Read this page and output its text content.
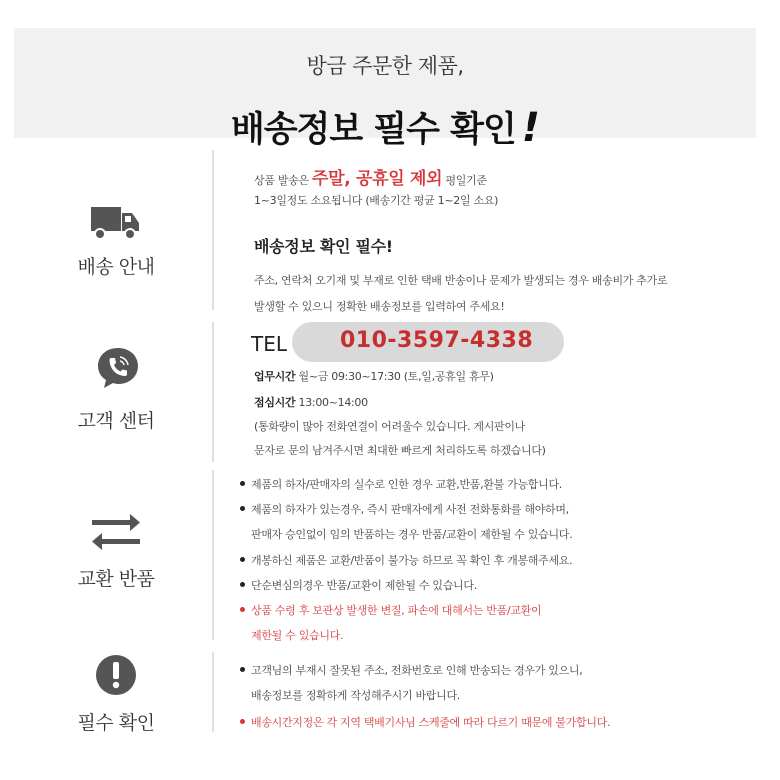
방금 주문한 제품,
배송정보 필수 확인 !
배송 안내
상품 발송은 주말, 공휴일 제외 평일기준
1~3일정도 소요됩니다 (배송기간 평균 1~2일 소요)
배송정보 확인 필수!
주소, 연락처 오기재 및 부재로 인한 택배 반송이나 문제가 발생되는 경우 배송비가 추가로
발생할 수 있으니 정확한 배송정보를 입력하여 주세요!
고객 센터
TEL 010-3597-4338
업무시간 월~금 09:30~17:30 (토,일,공휴일 휴무)
점심시간 13:00~14:00
(통화량이 많아 전화연결이 어려울수 있습니다. 게시판이나
문자로 문의 남겨주시면 최대한 빠르게 처리하도록 하겠습니다)
교환 반품
제품의 하자/판매자의 실수로 인한 경우 교환,반품,환불 가능합니다.
제품의 하자가 있는경우, 즉시 판매자에게 사전 전화통화를 해야하며,
판매자 승인없이 임의 반품하는 경우 반품/교환이 제한될 수 있습니다.
개봉하신 제품은 교환/반품이 불가능 하므로 꼭 확인 후 개봉해주세요.
단순변심의경우 반품/교환이 제한될 수 있습니다.
상품 수령 후 보관상 발생한 변질, 파손에 대해서는 반품/교환이
제한될 수 있습니다.
필수 확인
고객님의 부재시 잘못된 주소, 전화번호로 인해 반송되는 경우가 있으니,
배송정보를 정확하게 작성해주시기 바랍니다.
배송시간지정은 각 지역 택배기사님 스케줄에 따라 다르기 때문에 불가합니다.
